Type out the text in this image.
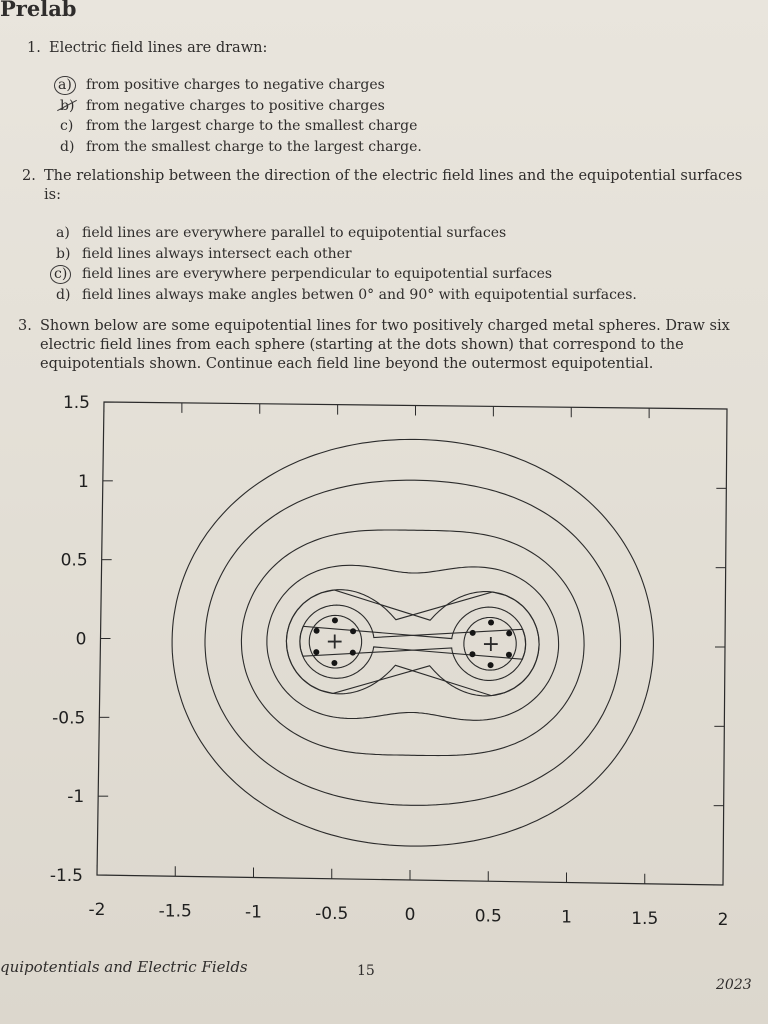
Prelab
1. Electric field lines are drawn:
a) from positive charges to negative charges
b) from negative charges to positive charges
c) from the largest charge to the smallest charge
d) from the smallest charge to the largest charge.
2. The relationship between the direction of the electric field lines and the equipotential surfaces is:
a) field lines are everywhere parallel to equipotential surfaces
b) field lines always intersect each other
c) field lines are everywhere perpendicular to equipotential surfaces
d) field lines always make angles betwen 0° and 90° with equipotential surfaces.
3. Shown below are some equipotential lines for two positively charged metal spheres. Draw six electric field lines from each sphere (starting at the dots shown) that correspond to the equipotentials shown. Continue each field line beyond the outermost equipotential.
-2	-1.5	-1	-0.5	0	0.5	1	1.5	2
1.5
1
0.5
0
-0.5
-1
-1.5
+	+
quipotentials and Electric Fields	15
2023
